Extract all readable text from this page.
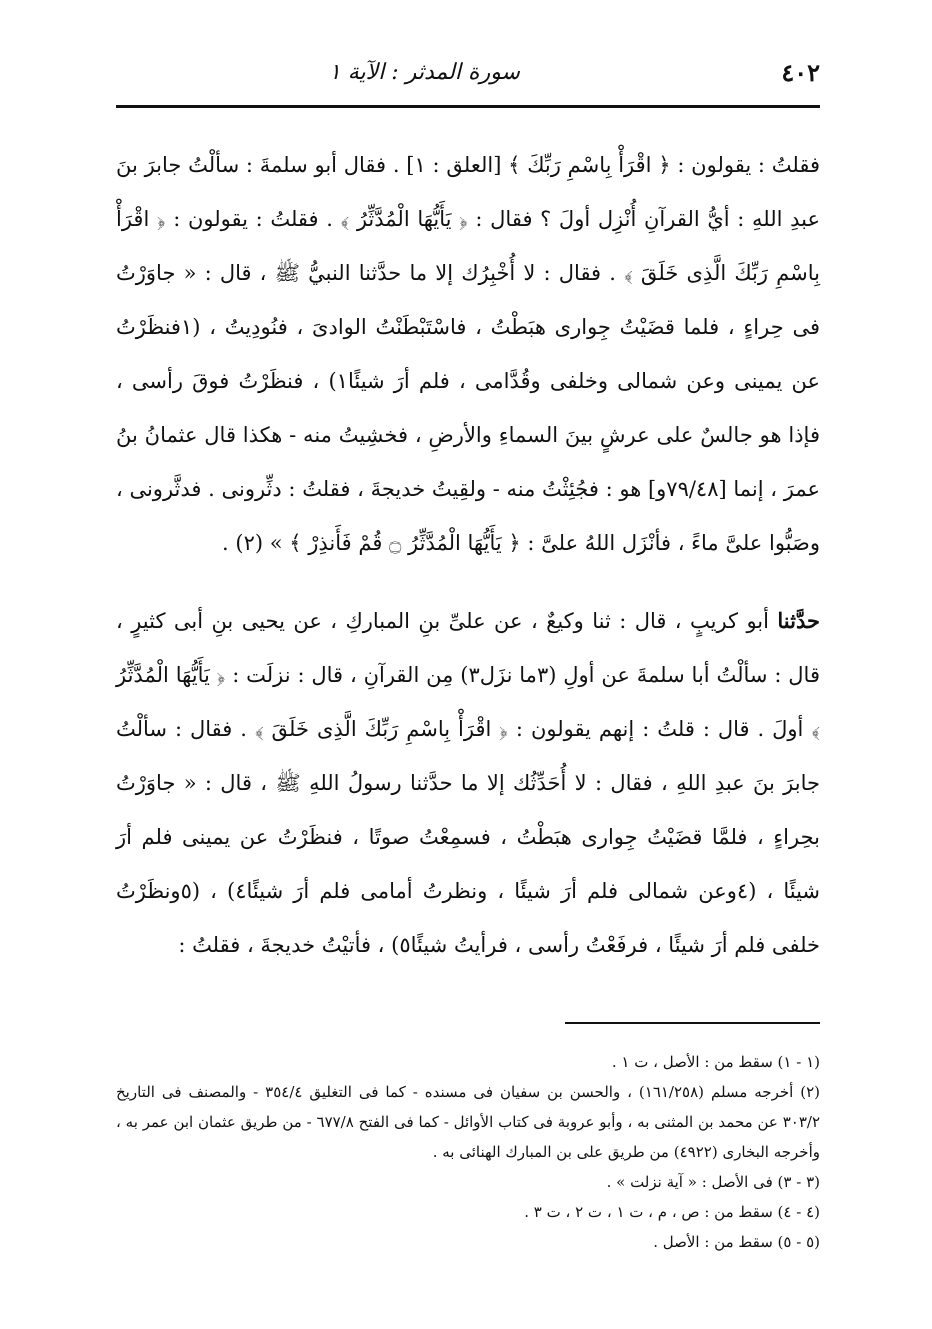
٤٠٢
سورة المدثر : الآية ١

فقلتُ : يقولون : ﴿ اقْرَأْ بِاسْمِ رَبِّكَ ﴾ [العلق : ١] . فقال أبو سلمةَ : سألْتُ جابرَ بنَ عبدِ اللهِ : أيُّ القرآنِ أُنْزِل أولَ ؟ فقال : ﴿ يَأَيُّهَا الْمُدَّثِّرُ ﴾ . فقلتُ : يقولون : ﴿ اقْرَأْ بِاسْمِ رَبِّكَ الَّذِى خَلَقَ ﴾ . فقال : لا أُخْبِرُك إلا ما حدَّثنا النبيُّ ﷺ ، قال : « جاوَرْتُ فى حِراءٍ ، فلما قضَيْتُ جِوارى هبَطْتُ ، فاسْتَبْطَنْتُ الوادىَ ، فنُودِيتُ ، (١فنظَرْتُ عن يمينى وعن شمالى وخلفى وقُدَّامى ، فلم أرَ شيئًا١) ، فنظَرْتُ فوقَ رأسى ، فإذا هو جالسٌ على عرشٍ بينَ السماءِ والأرضِ ، فخشِيتُ منه - هكذا قال عثمانُ بنُ عمرَ ، إنما [٧٩/٤٨و] هو : فجُئِثْتُ منه - ولقِيتُ خديجةَ ، فقلتُ : دثِّرونى . فدثَّرونى ، وصَبُّوا علىَّ ماءً ، فأنْزَل اللهُ علىَّ : ﴿ يَأَيُّهَا الْمُدَّثِّرُ ۝ قُمْ فَأَنذِرْ ﴾ » (٢) .

حدَّثنا أبو كريبٍ ، قال : ثنا وكيعٌ ، عن علىِّ بنِ المباركِ ، عن يحيى بنِ أبى كثيرٍ ، قال : سألْتُ أبا سلمةَ عن أولِ (٣ما نزَل٣) مِن القرآنِ ، قال : نزلَت : ﴿ يَأَيُّهَا الْمُدَّثِّرُ ﴾ أولَ . قال : قلتُ : إنهم يقولون : ﴿ اقْرَأْ بِاسْمِ رَبِّكَ الَّذِى خَلَقَ ﴾ . فقال : سألْتُ جابرَ بنَ عبدِ اللهِ ، فقال : لا أُحَدِّثُك إلا ما حدَّثنا رسولُ اللهِ ﷺ ، قال : « جاوَرْتُ بحِراءٍ ، فلمَّا قضَيْتُ جِوارى هبَطْتُ ، فسمِعْتُ صوتًا ، فنظَرْتُ عن يمينى فلم أرَ شيئًا ، (٤وعن شمالى فلم أرَ شيئًا ، ونظرتُ أمامى فلم أرَ شيئًا٤) ، (٥ونظَرْتُ خلفى فلم أرَ شيئًا ، فرفَعْتُ رأسى ، فرأيتُ شيئًا٥) ، فأتيْتُ خديجةَ ، فقلتُ :

(١ - ١) سقط من : الأصل ، ت ١ .

(٢) أخرجه مسلم (١٦١/٢٥٨) ، والحسن بن سفيان فى مسنده - كما فى التغليق ٣٥٤/٤ - والمصنف فى التاريخ ٣٠٣/٢ عن محمد بن المثنى به ، وأبو عروبة فى كتاب الأوائل - كما فى الفتح ٦٧٧/٨ - من طريق عثمان ابن عمر به ، وأخرجه البخارى (٤٩٢٢) من طريق على بن المبارك الهنائى به .

(٣ - ٣) فى الأصل : « آية نزلت » .

(٤ - ٤) سقط من : ص ، م ، ت ١ ، ت ٢ ، ت ٣ .

(٥ - ٥) سقط من : الأصل .
